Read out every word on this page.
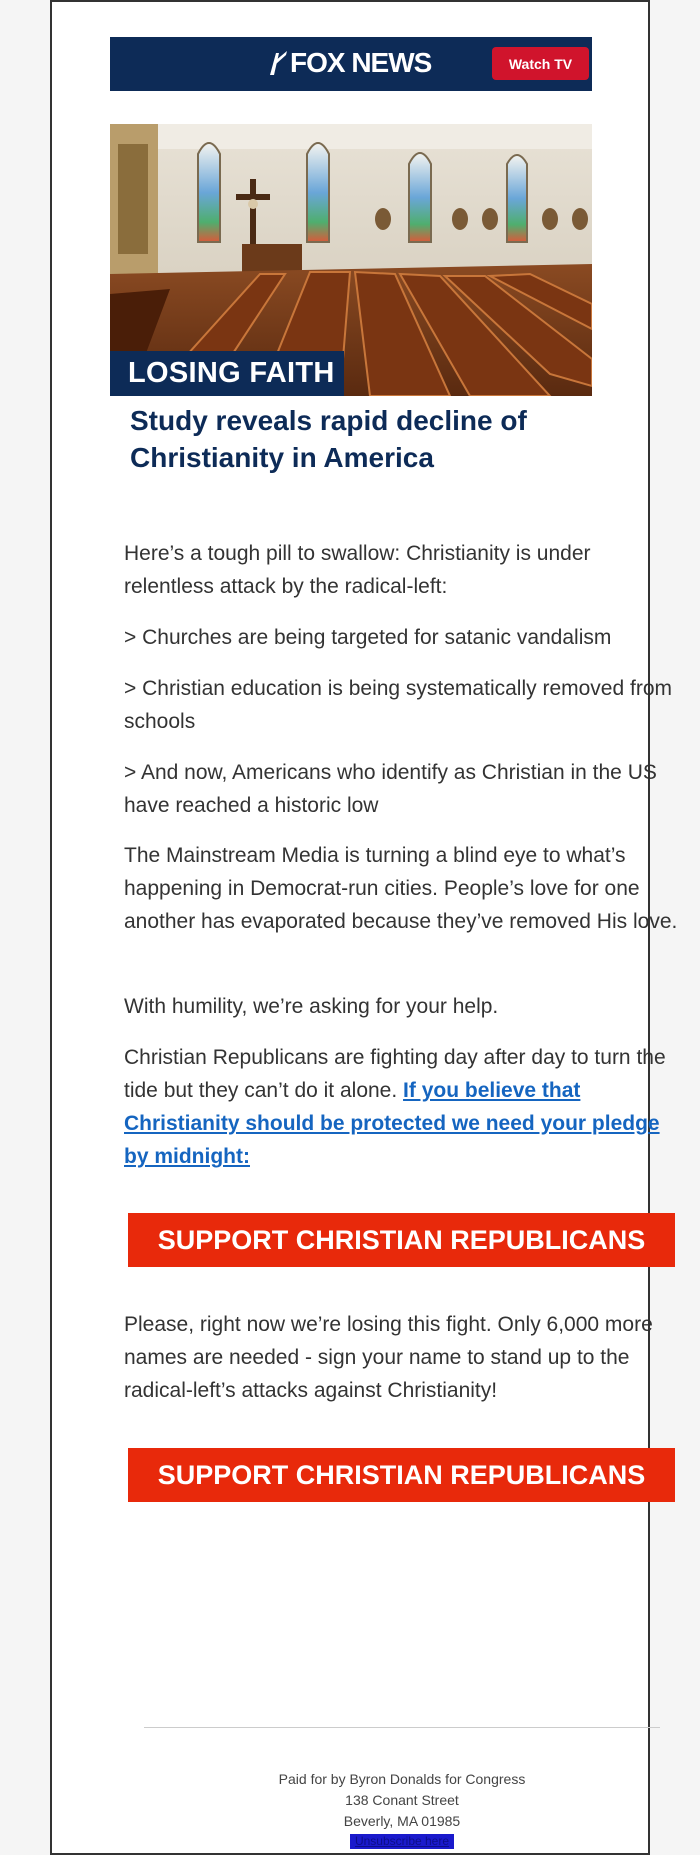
FOX NEWS	Watch TV
LOSING FAITH
Study reveals rapid decline of
Christianity in America

Here’s a tough pill to swallow: Christianity is under relentless attack by the radical-left:

> Churches are being targeted for satanic vandalism

> Christian education is being systematically removed from schools

> And now, Americans who identify as Christian in the US have reached a historic low

The Mainstream Media is turning a blind eye to what’s happening in Democrat-run cities. People’s love for one another has evaporated because they’ve removed His love.

With humility, we’re asking for your help.

Christian Republicans are fighting day after day to turn the tide but they can’t do it alone. If you believe that Christianity should be protected we need your pledge by midnight:

SUPPORT CHRISTIAN REPUBLICANS

Please, right now we’re losing this fight. Only 6,000 more names are needed - sign your name to stand up to the radical-left’s attacks against Christianity!

SUPPORT CHRISTIAN REPUBLICANS
Paid for by Byron Donalds for Congress
138 Conant Street
Beverly, MA 01985
Unsubscribe here
